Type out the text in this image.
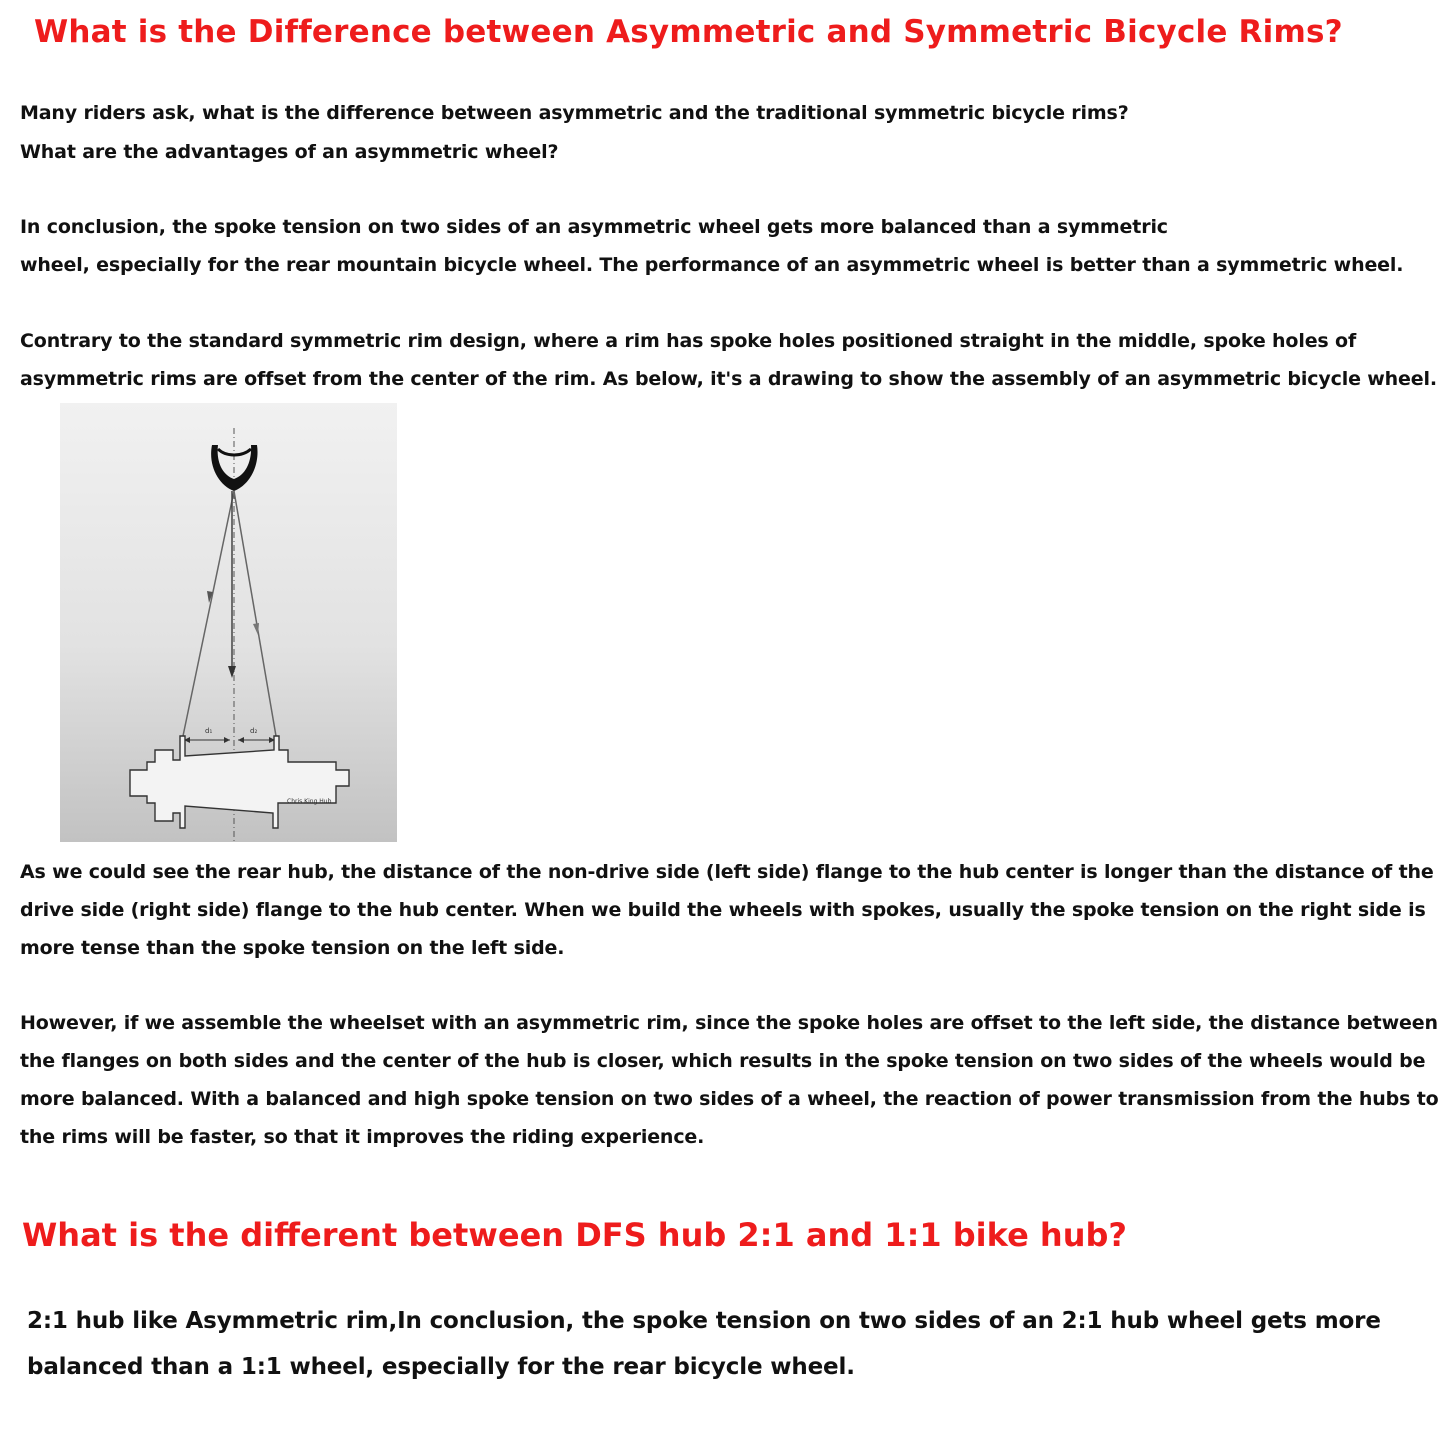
What is the Difference between Asymmetric and Symmetric Bicycle Rims?

Many riders ask, what is the difference between asymmetric and the traditional symmetric bicycle rims?

What are the advantages of an asymmetric wheel?

In conclusion, the spoke tension on two sides of an asymmetric wheel gets more balanced than a symmetric

wheel, especially for the rear mountain bicycle wheel. The performance of an asymmetric wheel is better than a symmetric wheel.

Contrary to the standard symmetric rim design, where a rim has spoke holes positioned straight in the middle, spoke holes of

asymmetric rims are offset from the center of the rim. As below, it's a drawing to show the assembly of an asymmetric bicycle wheel.

d₁	d₂
Chris King Hub

As we could see the rear hub, the distance of the non-drive side (left side) flange to the hub center is longer than the distance of the

drive side (right side) flange to the hub center. When we build the wheels with spokes, usually the spoke tension on the right side is

more tense than the spoke tension on the left side.

However, if we assemble the wheelset with an asymmetric rim, since the spoke holes are offset to the left side, the distance between

the flanges on both sides and the center of the hub is closer, which results in the spoke tension on two sides of the wheels would be

more balanced. With a balanced and high spoke tension on two sides of a wheel, the reaction of power transmission from the hubs to

the rims will be faster, so that it improves the riding experience.

What is the different between DFS hub 2:1 and 1:1 bike hub?

2:1 hub like Asymmetric rim,In conclusion, the spoke tension on two sides of an 2:1 hub wheel gets more

balanced than a 1:1 wheel, especially for the rear bicycle wheel.
